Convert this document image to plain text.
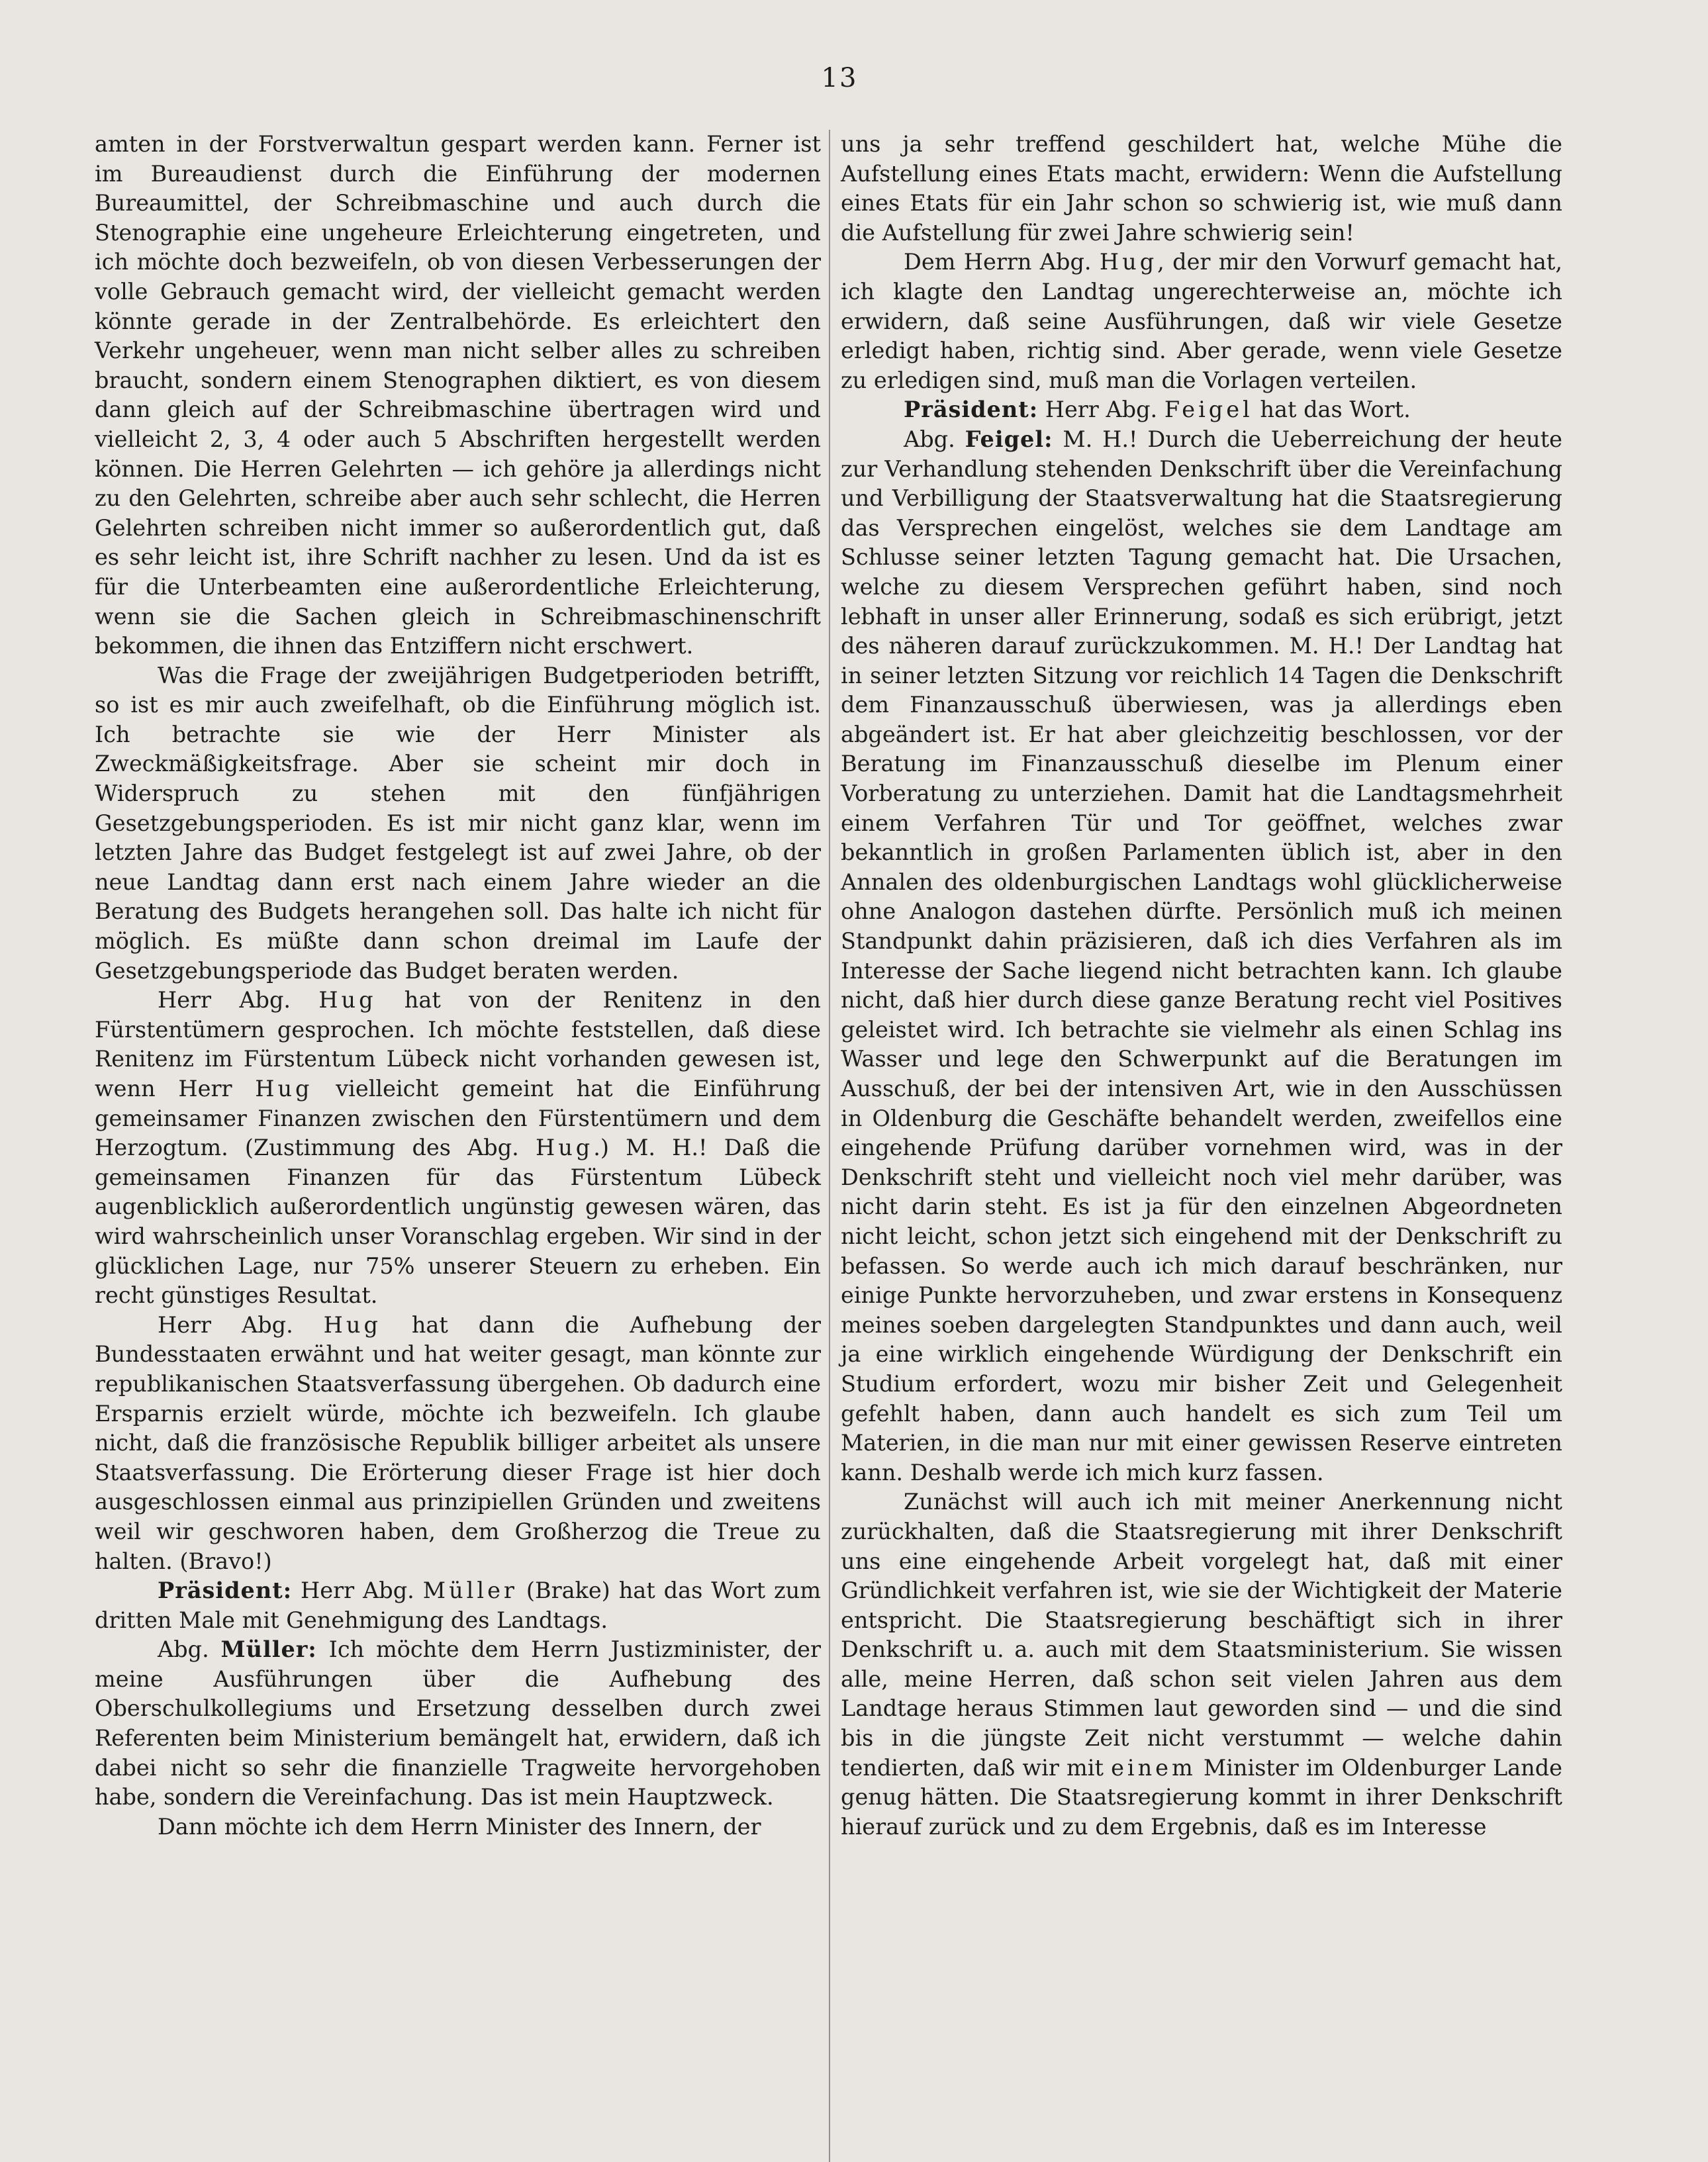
13

amten in der Forstverwaltun gespart werden kann. Ferner ist im Bureaudienst durch die Einführung der modernen Bureaumittel, der Schreibmaschine und auch durch die Stenographie eine ungeheure Erleichterung eingetreten, und ich möchte doch bezweifeln, ob von diesen Verbesserungen der volle Gebrauch gemacht wird, der vielleicht gemacht werden könnte gerade in der Zentralbehörde. Es erleichtert den Verkehr ungeheuer, wenn man nicht selber alles zu schreiben braucht, sondern einem Stenographen diktiert, es von diesem dann gleich auf der Schreibmaschine übertragen wird und vielleicht 2, 3, 4 oder auch 5 Abschriften hergestellt werden können. Die Herren Gelehrten — ich gehöre ja allerdings nicht zu den Gelehrten, schreibe aber auch sehr schlecht, die Herren Gelehrten schreiben nicht immer so außerordentlich gut, daß es sehr leicht ist, ihre Schrift nachher zu lesen. Und da ist es für die Unterbeamten eine außerordentliche Erleichterung, wenn sie die Sachen gleich in Schreibmaschinenschrift bekommen, die ihnen das Entziffern nicht erschwert.

Was die Frage der zweijährigen Budgetperioden betrifft, so ist es mir auch zweifelhaft, ob die Einführung möglich ist. Ich betrachte sie wie der Herr Minister als Zweckmäßigkeitsfrage. Aber sie scheint mir doch in Widerspruch zu stehen mit den fünfjährigen Gesetzgebungsperioden. Es ist mir nicht ganz klar, wenn im letzten Jahre das Budget festgelegt ist auf zwei Jahre, ob der neue Landtag dann erst nach einem Jahre wieder an die Beratung des Budgets herangehen soll. Das halte ich nicht für möglich. Es müßte dann schon dreimal im Laufe der Gesetzgebungsperiode das Budget beraten werden.

Herr Abg. Hug hat von der Renitenz in den Fürstentümern gesprochen. Ich möchte feststellen, daß diese Renitenz im Fürstentum Lübeck nicht vorhanden gewesen ist, wenn Herr Hug vielleicht gemeint hat die Einführung gemeinsamer Finanzen zwischen den Fürstentümern und dem Herzogtum. (Zustimmung des Abg. Hug.) M. H.! Daß die gemeinsamen Finanzen für das Fürstentum Lübeck augenblicklich außerordentlich ungünstig gewesen wären, das wird wahrscheinlich unser Voranschlag ergeben. Wir sind in der glücklichen Lage, nur 75% unserer Steuern zu erheben. Ein recht günstiges Resultat.

Herr Abg. Hug hat dann die Aufhebung der Bundesstaaten erwähnt und hat weiter gesagt, man könnte zur republikanischen Staatsverfassung übergehen. Ob dadurch eine Ersparnis erzielt würde, möchte ich bezweifeln. Ich glaube nicht, daß die französische Republik billiger arbeitet als unsere Staatsverfassung. Die Erörterung dieser Frage ist hier doch ausgeschlossen einmal aus prinzipiellen Gründen und zweitens weil wir geschworen haben, dem Großherzog die Treue zu halten. (Bravo!)

Präsident: Herr Abg. Müller (Brake) hat das Wort zum dritten Male mit Genehmigung des Landtags.

Abg. Müller: Ich möchte dem Herrn Justizminister, der meine Ausführungen über die Aufhebung des Oberschulkollegiums und Ersetzung desselben durch zwei Referenten beim Ministerium bemängelt hat, erwidern, daß ich dabei nicht so sehr die finanzielle Tragweite hervorgehoben habe, sondern die Vereinfachung. Das ist mein Hauptzweck.

Dann möchte ich dem Herrn Minister des Innern, der

uns ja sehr treffend geschildert hat, welche Mühe die Aufstellung eines Etats macht, erwidern: Wenn die Aufstellung eines Etats für ein Jahr schon so schwierig ist, wie muß dann die Aufstellung für zwei Jahre schwierig sein!

Dem Herrn Abg. Hug, der mir den Vorwurf gemacht hat, ich klagte den Landtag ungerechterweise an, möchte ich erwidern, daß seine Ausführungen, daß wir viele Gesetze erledigt haben, richtig sind. Aber gerade, wenn viele Gesetze zu erledigen sind, muß man die Vorlagen verteilen.

Präsident: Herr Abg. Feigel hat das Wort.

Abg. Feigel: M. H.! Durch die Ueberreichung der heute zur Verhandlung stehenden Denkschrift über die Vereinfachung und Verbilligung der Staatsverwaltung hat die Staatsregierung das Versprechen eingelöst, welches sie dem Landtage am Schlusse seiner letzten Tagung gemacht hat. Die Ursachen, welche zu diesem Versprechen geführt haben, sind noch lebhaft in unser aller Erinnerung, sodaß es sich erübrigt, jetzt des näheren darauf zurückzukommen. M. H.! Der Landtag hat in seiner letzten Sitzung vor reichlich 14 Tagen die Denkschrift dem Finanzausschuß überwiesen, was ja allerdings eben abgeändert ist. Er hat aber gleichzeitig beschlossen, vor der Beratung im Finanzausschuß dieselbe im Plenum einer Vorberatung zu unterziehen. Damit hat die Landtagsmehrheit einem Verfahren Tür und Tor geöffnet, welches zwar bekanntlich in großen Parlamenten üblich ist, aber in den Annalen des oldenburgischen Landtags wohl glücklicherweise ohne Analogon dastehen dürfte. Persönlich muß ich meinen Standpunkt dahin präzisieren, daß ich dies Verfahren als im Interesse der Sache liegend nicht betrachten kann. Ich glaube nicht, daß hier durch diese ganze Beratung recht viel Positives geleistet wird. Ich betrachte sie vielmehr als einen Schlag ins Wasser und lege den Schwerpunkt auf die Beratungen im Ausschuß, der bei der intensiven Art, wie in den Ausschüssen in Oldenburg die Geschäfte behandelt werden, zweifellos eine eingehende Prüfung darüber vornehmen wird, was in der Denkschrift steht und vielleicht noch viel mehr darüber, was nicht darin steht. Es ist ja für den einzelnen Abgeordneten nicht leicht, schon jetzt sich eingehend mit der Denkschrift zu befassen. So werde auch ich mich darauf beschränken, nur einige Punkte hervorzuheben, und zwar erstens in Konsequenz meines soeben dargelegten Standpunktes und dann auch, weil ja eine wirklich eingehende Würdigung der Denkschrift ein Studium erfordert, wozu mir bisher Zeit und Gelegenheit gefehlt haben, dann auch handelt es sich zum Teil um Materien, in die man nur mit einer gewissen Reserve eintreten kann. Deshalb werde ich mich kurz fassen.

Zunächst will auch ich mit meiner Anerkennung nicht zurückhalten, daß die Staatsregierung mit ihrer Denkschrift uns eine eingehende Arbeit vorgelegt hat, daß mit einer Gründlichkeit verfahren ist, wie sie der Wichtigkeit der Materie entspricht. Die Staatsregierung beschäftigt sich in ihrer Denkschrift u. a. auch mit dem Staatsministerium. Sie wissen alle, meine Herren, daß schon seit vielen Jahren aus dem Landtage heraus Stimmen laut geworden sind — und die sind bis in die jüngste Zeit nicht verstummt — welche dahin tendierten, daß wir mit einem Minister im Oldenburger Lande genug hätten. Die Staatsregierung kommt in ihrer Denkschrift hierauf zurück und zu dem Ergebnis, daß es im Interesse
